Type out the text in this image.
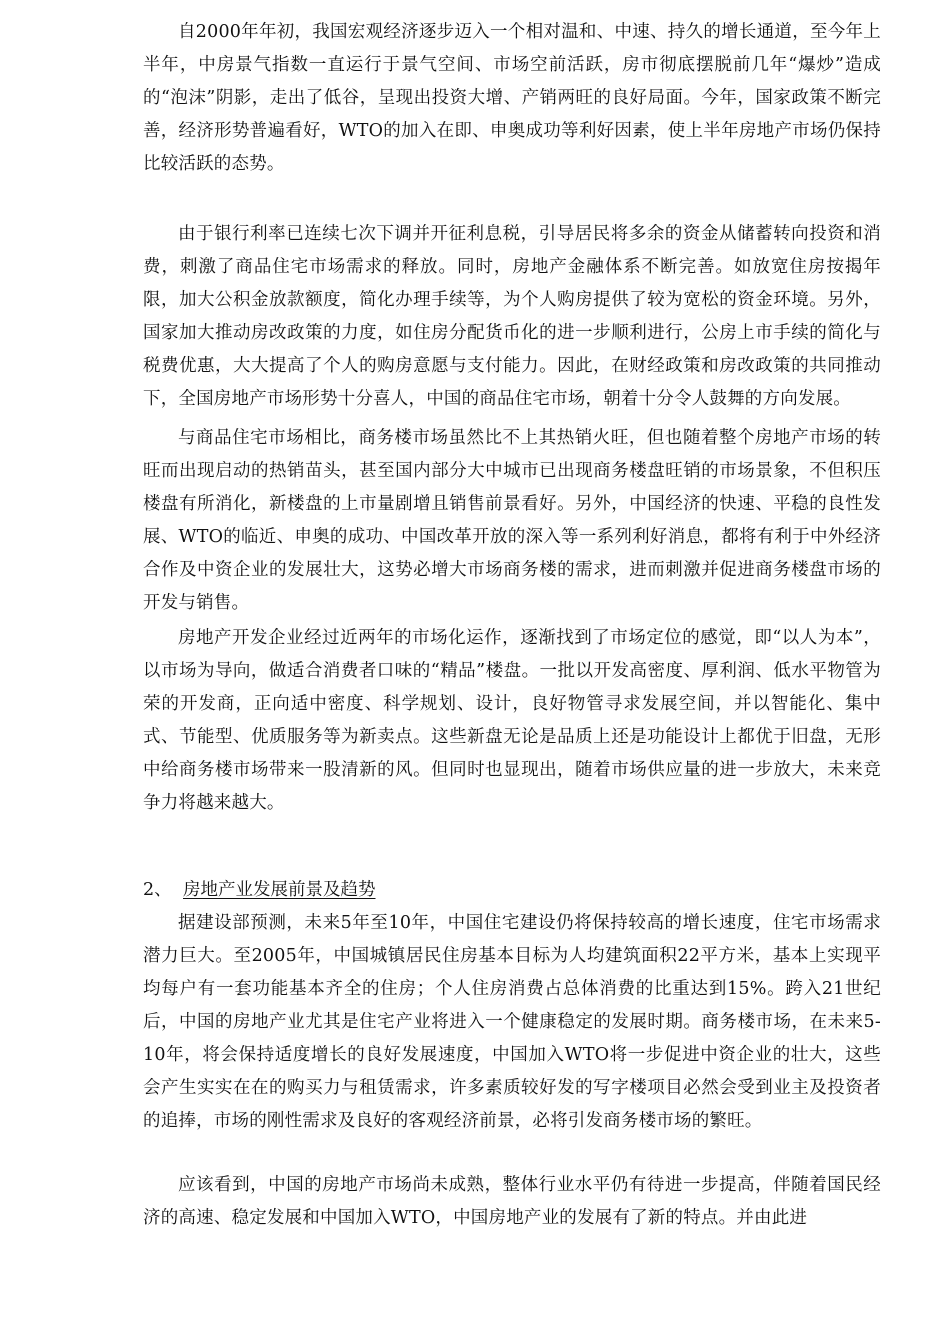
自2000年年初，我国宏观经济逐步迈入一个相对温和、中速、持久的增长通道，至今年上半年，中房景气指数一直运行于景气空间、市场空前活跃，房市彻底摆脱前几年“爆炒”造成的“泡沫”阴影，走出了低谷，呈现出投资大增、产销两旺的良好局面。今年，国家政策不断完善，经济形势普遍看好，WTO的加入在即、申奥成功等利好因素，使上半年房地产市场仍保持比较活跃的态势。

由于银行利率已连续七次下调并开征利息税，引导居民将多余的资金从储蓄转向投资和消费，刺激了商品住宅市场需求的释放。同时，房地产金融体系不断完善。如放宽住房按揭年限，加大公积金放款额度，简化办理手续等，为个人购房提供了较为宽松的资金环境。另外，国家加大推动房改政策的力度，如住房分配货币化的进一步顺利进行，公房上市手续的简化与税费优惠，大大提高了个人的购房意愿与支付能力。因此，在财经政策和房改政策的共同推动下，全国房地产市场形势十分喜人，中国的商品住宅市场，朝着十分令人鼓舞的方向发展。

与商品住宅市场相比，商务楼市场虽然比不上其热销火旺，但也随着整个房地产市场的转旺而出现启动的热销苗头，甚至国内部分大中城市已出现商务楼盘旺销的市场景象，不但积压楼盘有所消化，新楼盘的上市量剧增且销售前景看好。另外，中国经济的快速、平稳的良性发展、WTO的临近、申奥的成功、中国改革开放的深入等一系列利好消息，都将有利于中外经济合作及中资企业的发展壮大，这势必增大市场商务楼的需求，进而刺激并促进商务楼盘市场的开发与销售。

房地产开发企业经过近两年的市场化运作，逐渐找到了市场定位的感觉，即“以人为本”，以市场为导向，做适合消费者口味的“精品”楼盘。一批以开发高密度、厚利润、低水平物管为荣的开发商，正向适中密度、科学规划、设计，良好物管寻求发展空间，并以智能化、集中式、节能型、优质服务等为新卖点。这些新盘无论是品质上还是功能设计上都优于旧盘，无形中给商务楼市场带来一股清新的风。但同时也显现出，随着市场供应量的进一步放大，未来竞争力将越来越大。

2、 房地产业发展前景及趋势

据建设部预测，未来5年至10年，中国住宅建设仍将保持较高的增长速度，住宅市场需求潜力巨大。至2005年，中国城镇居民住房基本目标为人均建筑面积22平方米，基本上实现平均每户有一套功能基本齐全的住房；个人住房消费占总体消费的比重达到15%。跨入21世纪后，中国的房地产业尤其是住宅产业将进入一个健康稳定的发展时期。商务楼市场，在未来5-10年，将会保持适度增长的良好发展速度，中国加入WTO将一步促进中资企业的壮大，这些会产生实实在在的购买力与租赁需求，许多素质较好发的写字楼项目必然会受到业主及投资者的追捧，市场的刚性需求及良好的客观经济前景，必将引发商务楼市场的繁旺。

应该看到，中国的房地产市场尚未成熟，整体行业水平仍有待进一步提高，伴随着国民经济的高速、稳定发展和中国加入WTO，中国房地产业的发展有了新的特点。并由此进
